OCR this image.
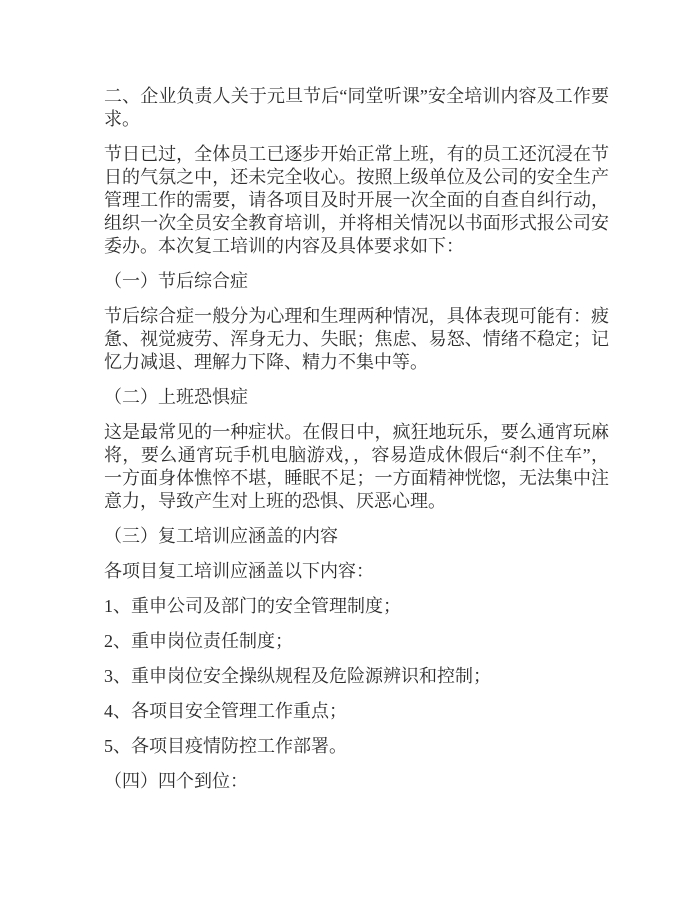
二、企业负责人关于元旦节后“同堂听课”安全培训内容及工作要求。
节日已过，全体员工已逐步开始正常上班，有的员工还沉浸在节日的气氛之中，还未完全收心。按照上级单位及公司的安全生产管理工作的需要，请各项目及时开展一次全面的自查自纠行动，组织一次全员安全教育培训，并将相关情况以书面形式报公司安委办。本次复工培训的内容及具体要求如下：
（一）节后综合症
节后综合症一般分为心理和生理两种情况，具体表现可能有：疲惫、视觉疲劳、浑身无力、失眠；焦虑、易怒、情绪不稳定；记忆力减退、理解力下降、精力不集中等。
（二）上班恐惧症
这是最常见的一种症状。在假日中，疯狂地玩乐，要么通宵玩麻将，要么通宵玩手机电脑游戏，，容易造成休假后“刹不住车”，一方面身体憔悴不堪，睡眠不足；一方面精神恍惚，无法集中注意力，导致产生对上班的恐惧、厌恶心理。
（三）复工培训应涵盖的内容
各项目复工培训应涵盖以下内容：
1、重申公司及部门的安全管理制度；
2、重申岗位责任制度；
3、重申岗位安全操纵规程及危险源辨识和控制；
4、各项目安全管理工作重点；
5、各项目疫情防控工作部署。
（四）四个到位：
